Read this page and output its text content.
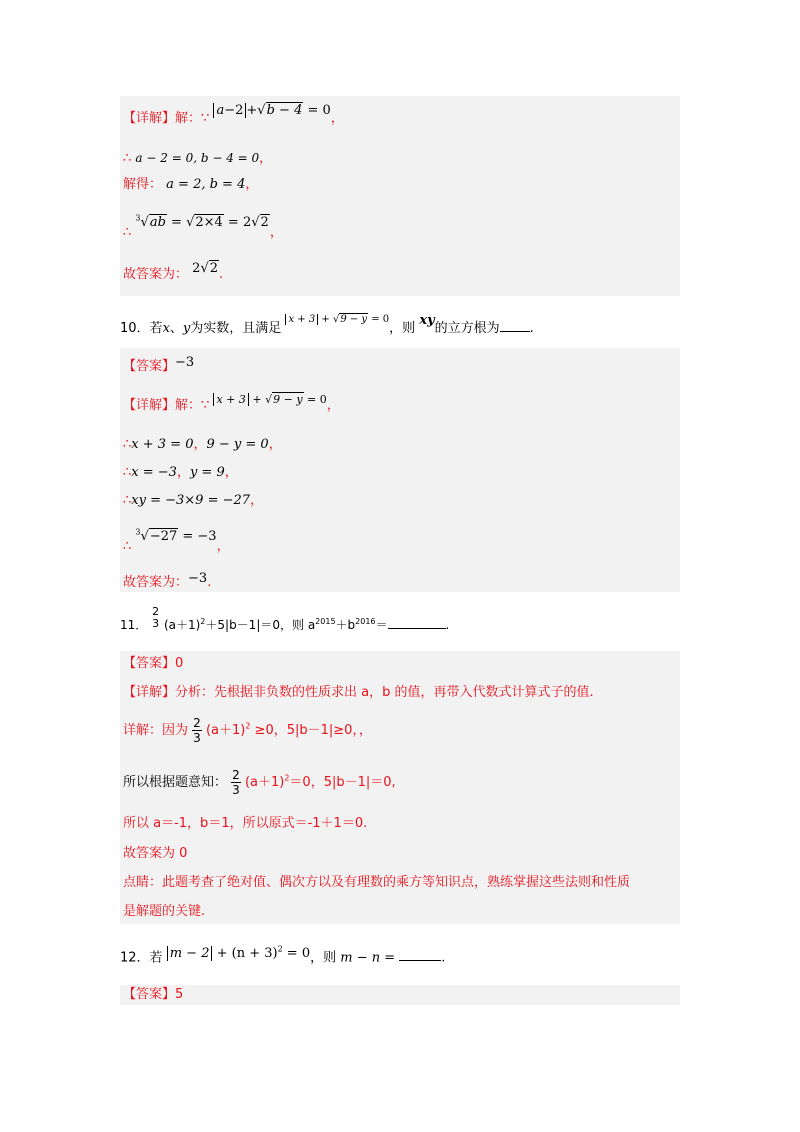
【详解】解：∵ a−2 +√b − 4 = 0，
∴ a − 2 = 0, b − 4 = 0，
解得： a = 2, b = 4，
∴ $^3$√ab = √2×4 = 2√2，
故答案为： 2√2.
10．若x、y为实数，且满足 $^{x + 3 + √9 - y = 0}$，则 xy的立方根为 .
【答案】−3
【详解】解：∵ $^{x + 3 + √9 - y = 0}$，
∴x + 3 = 0，9 − y = 0，
∴x = −3，y = 9，
∴xy = −3×9 = −27，
∴ $^3$√−27 = −3，
故答案为：−3.
11．
2
3 $(a+1)^2+5|b-1|=0$，则 $a^{2015}+b^{2016}=$	.
【答案】0
【详解】分析：先根据非负数的性质求出 a，b 的值，再带入代数式计算式子的值.
详解：因为 $\frac{2}{3} (a+1)^2 \ge 0$，5|b－1|≥0，，
所以根据题意知： $\frac{2}{3} (a+1)^2=0$，5|b－1|＝0,
所以 a＝-1，b＝1，所以原式＝-1＋1＝0.
故答案为 0
点睛：此题考查了绝对值、偶次方以及有理数的乘方等知识点，熟练掌握这些法则和性质
是解题的关键.
12．若 $m - 2 + (n + 3)^2 = 0$，则 m − n =	.
【答案】5
